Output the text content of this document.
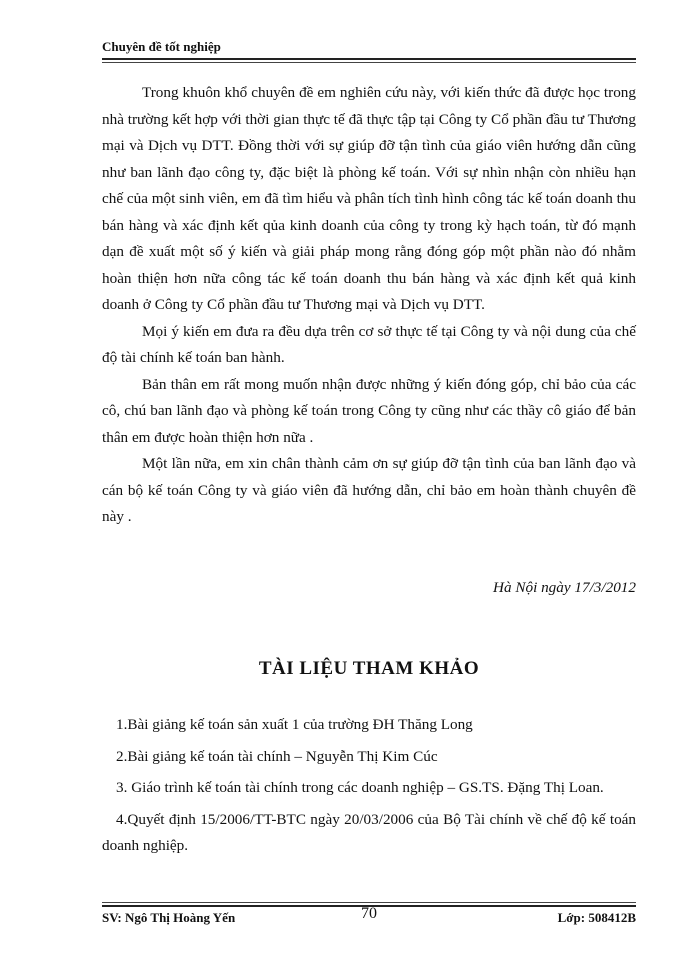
Chuyên đề tốt nghiệp

Trong khuôn khổ chuyên đề em nghiên cứu này, với kiến thức đã được học trong nhà trường kết hợp với thời gian thực tế đã thực tập tại Công ty Cổ phần đầu tư Thương mại và Dịch vụ DTT. Đồng thời với sự giúp đỡ tận tình của giáo viên hướng dẫn cũng như ban lãnh đạo công ty, đặc biệt là phòng kế toán. Với sự nhìn nhận còn nhiều hạn chế của một sinh viên, em đã tìm hiểu và phân tích tình hình công tác kế toán doanh thu bán hàng và xác định kết qủa kinh doanh của công ty trong kỳ hạch toán, từ đó mạnh dạn đề xuất một số ý kiến và giải pháp mong rằng đóng góp một phần nào đó nhằm hoàn thiện hơn nữa công tác kế toán doanh thu bán hàng và xác định kết quả kinh doanh ở Công ty Cổ phần đầu tư Thương mại và Dịch vụ DTT.

Mọi ý kiến em đưa ra đều dựa trên cơ sở thực tế tại Công ty và nội dung của chế độ tài chính kế toán ban hành.

Bản thân em rất mong muốn nhận được những ý kiến đóng góp, chỉ bảo của các cô, chú ban lãnh đạo và phòng kế toán trong Công ty cũng như các thầy cô giáo để bản thân em được hoàn thiện hơn nữa .

Một lần nữa, em xin chân thành cảm ơn sự giúp đỡ tận tình của ban lãnh đạo và cán bộ kế toán Công ty và giáo viên đã hướng dẫn, chỉ bảo em hoàn thành chuyên đề này .

Hà Nội ngày 17/3/2012
TÀI LIỆU THAM KHẢO
1.Bài giảng kế toán sản xuất 1 của trường ĐH Thăng Long
2.Bài giảng kế toán tài chính – Nguyễn Thị Kim Cúc
3. Giáo trình kế toán tài chính trong các doanh nghiệp – GS.TS. Đặng Thị Loan.
4.Quyết định 15/2006/TT-BTC ngày 20/03/2006 của Bộ Tài chính về chế độ kế toán doanh nghiệp.
SV: Ngô Thị Hoàng Yến	70	Lớp: 508412B
